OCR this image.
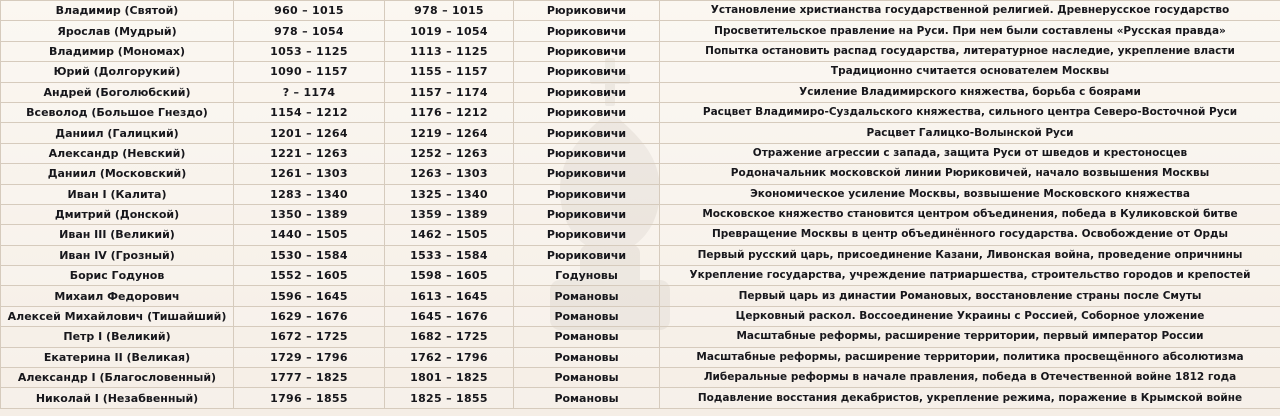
Владимир (Святой)	960 – 1015	978 – 1015	Рюриковичи	Установление христианства государственной религией. Древнерусское государство
Ярослав (Мудрый)	978 – 1054	1019 – 1054	Рюриковичи	Просветительское правление на Руси. При нем были составлены «Русская правда»
Владимир (Мономах)	1053 – 1125	1113 – 1125	Рюриковичи	Попытка остановить распад государства, литературное наследие, укрепление власти
Юрий (Долгорукий)	1090 – 1157	1155 – 1157	Рюриковичи	Традиционно считается основателем Москвы
Андрей (Боголюбский)	? – 1174	1157 – 1174	Рюриковичи	Усиление Владимирского княжества, борьба с боярами
Всеволод (Большое Гнездо)	1154 – 1212	1176 – 1212	Рюриковичи	Расцвет Владимиро-Суздальского княжества, сильного центра Северо-Восточной Руси
Даниил (Галицкий)	1201 – 1264	1219 – 1264	Рюриковичи	Расцвет Галицко-Волынской Руси
Александр (Невский)	1221 – 1263	1252 – 1263	Рюриковичи	Отражение агрессии с запада, защита Руси от шведов и крестоносцев
Даниил (Московский)	1261 – 1303	1263 – 1303	Рюриковичи	Родоначальник московской линии Рюриковичей, начало возвышения Москвы
Иван I (Калита)	1283 – 1340	1325 – 1340	Рюриковичи	Экономическое усиление Москвы, возвышение Московского княжества
Дмитрий (Донской)	1350 – 1389	1359 – 1389	Рюриковичи	Московское княжество становится центром объединения, победа в Куликовской битве
Иван III (Великий)	1440 – 1505	1462 – 1505	Рюриковичи	Превращение Москвы в центр объединённого государства. Освобождение от Орды
Иван IV (Грозный)	1530 – 1584	1533 – 1584	Рюриковичи	Первый русский царь, присоединение Казани, Ливонская война, проведение опричнины
Борис Годунов	1552 – 1605	1598 – 1605	Годуновы	Укрепление государства, учреждение патриаршества, строительство городов и крепостей
Михаил Федорович	1596 – 1645	1613 – 1645	Романовы	Первый царь из династии Романовых, восстановление страны после Смуты
Алексей Михайлович (Тишайший)	1629 – 1676	1645 – 1676	Романовы	Церковный раскол. Воссоединение Украины с Россией, Соборное уложение
Петр I (Великий)	1672 – 1725	1682 – 1725	Романовы	Масштабные реформы, расширение территории, первый император России
Екатерина II (Великая)	1729 – 1796	1762 – 1796	Романовы	Масштабные реформы, расширение территории, политика просвещённого абсолютизма
Александр I (Благословенный)	1777 – 1825	1801 – 1825	Романовы	Либеральные реформы в начале правления, победа в Отечественной войне 1812 года
Николай I (Незабвенный)	1796 – 1855	1825 – 1855	Романовы	Подавление восстания декабристов, укрепление режима, поражение в Крымской войне
